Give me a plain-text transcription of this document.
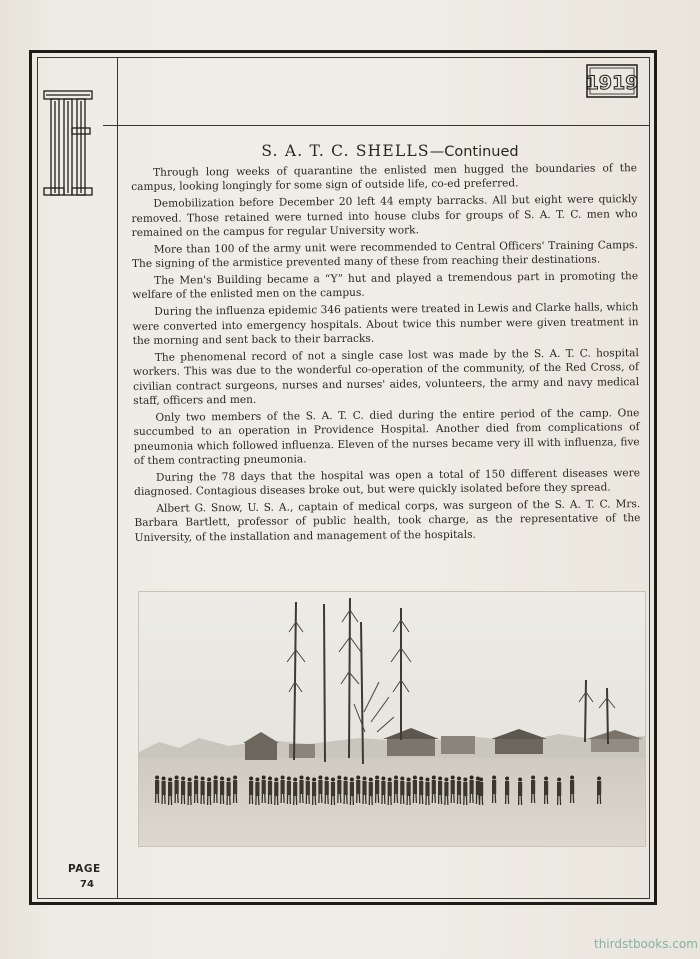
1919
S. A. T. C. SHELLS—Continued

Through long weeks of quarantine the enlisted men hugged the boundaries of the campus, looking longingly for some sign of outside life, co-ed preferred.

Demobilization before December 20 left 44 empty barracks. All but eight were quickly removed. Those retained were turned into house clubs for groups of S. A. T. C. men who remained on the campus for regular University work.

More than 100 of the army unit were recommended to Central Officers' Training Camps. The signing of the armistice prevented many of these from reaching their destinations.

The Men's Building became a “Y” hut and played a tremendous part in promoting the welfare of the enlisted men on the campus.

During the influenza epidemic 346 patients were treated in Lewis and Clarke halls, which were converted into emergency hospitals. About twice this number were given treatment in the morning and sent back to their barracks.

The phenomenal record of not a single case lost was made by the S. A. T. C. hospital workers. This was due to the wonderful co-operation of the community, of the Red Cross, of civilian contract surgeons, nurses and nurses' aides, volunteers, the army and navy medical staff, officers and men.

Only two members of the S. A. T. C. died during the entire period of the camp. One succumbed to an operation in Providence Hospital. Another died from complications of pneumonia which followed influenza. Eleven of the nurses became very ill with influenza, five of them contracting pneumonia.

During the 78 days that the hospital was open a total of 150 different diseases were diagnosed. Contagious diseases broke out, but were quickly isolated before they spread.

Albert G. Snow, U. S. A., captain of medical corps, was surgeon of the S. A. T. C. Mrs. Barbara Bartlett, professor of public health, took charge, as the representative of the University, of the installation and management of the hospitals.

PAGE
74
thirdstbooks.com
